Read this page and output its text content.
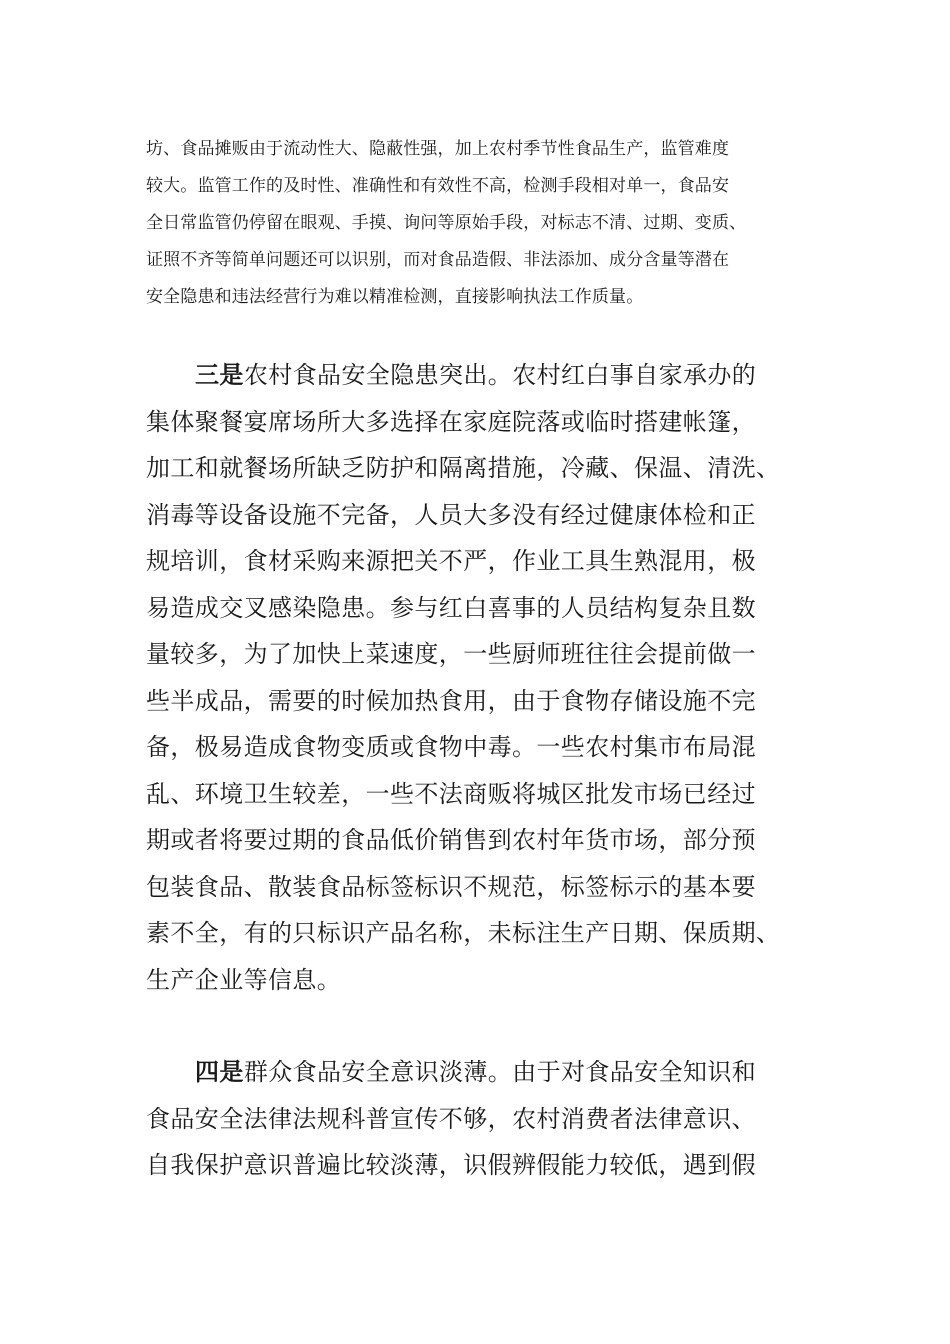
坊、食品摊贩由于流动性大、隐蔽性强，加上农村季节性食品生产，监管难度
较大。监管工作的及时性、准确性和有效性不高，检测手段相对单一，食品安
全日常监管仍停留在眼观、手摸、询问等原始手段，对标志不清、过期、变质、
证照不齐等简单问题还可以识别，而对食品造假、非法添加、成分含量等潜在
安全隐患和违法经营行为难以精准检测，直接影响执法工作质量。
三是农村食品安全隐患突出。农村红白事自家承办的
集体聚餐宴席场所大多选择在家庭院落或临时搭建帐篷，
加工和就餐场所缺乏防护和隔离措施，冷藏、保温、清洗、
消毒等设备设施不完备，人员大多没有经过健康体检和正
规培训，食材采购来源把关不严，作业工具生熟混用，极
易造成交叉感染隐患。参与红白喜事的人员结构复杂且数
量较多，为了加快上菜速度，一些厨师班往往会提前做一
些半成品，需要的时候加热食用，由于食物存储设施不完
备，极易造成食物变质或食物中毒。一些农村集市布局混
乱、环境卫生较差，一些不法商贩将城区批发市场已经过
期或者将要过期的食品低价销售到农村年货市场，部分预
包装食品、散装食品标签标识不规范，标签标示的基本要
素不全，有的只标识产品名称，未标注生产日期、保质期、
生产企业等信息。
四是群众食品安全意识淡薄。由于对食品安全知识和
食品安全法律法规科普宣传不够，农村消费者法律意识、
自我保护意识普遍比较淡薄，识假辨假能力较低，遇到假
